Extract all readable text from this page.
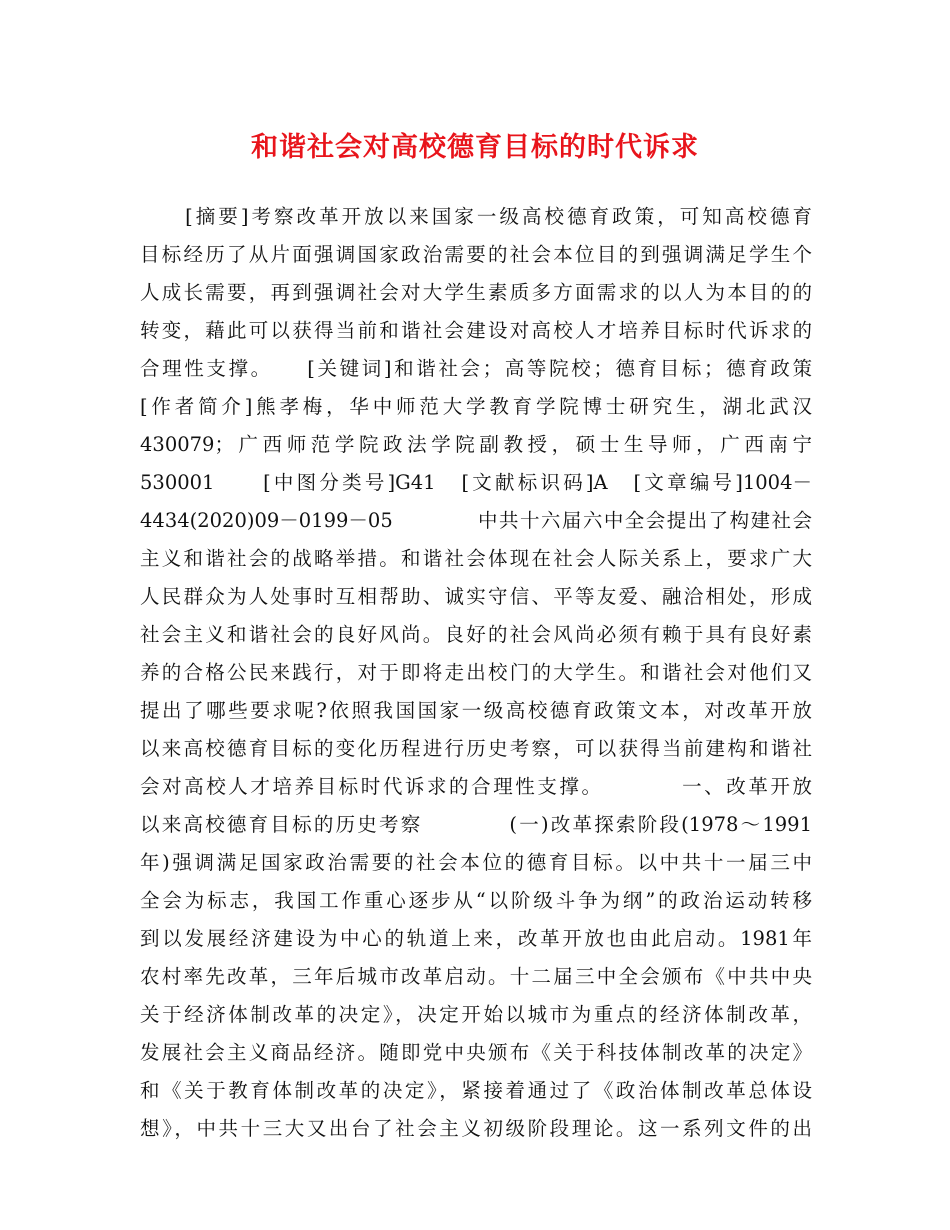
和谐社会对高校德育目标的时代诉求
　　[摘要]考察改革开放以来国家一级高校德育政策，可知高校德育
目标经历了从片面强调国家政治需要的社会本位目的到强调满足学生个
人成长需要，再到强调社会对大学生素质多方面需求的以人为本目的的
转变，藉此可以获得当前和谐社会建设对高校人才培养目标时代诉求的
合理性支撑。　　[关键词]和谐社会；高等院校；德育目标；德育政策
[作者简介]熊孝梅，华中师范大学教育学院博士研究生，湖北武汉
430079；广西师范学院政法学院副教授，硕士生导师，广西南宁
530001　　[中图分类号]G41　[文献标识码]A　[文章编号]1004－
4434(2020)09－0199－05　　　　中共十六届六中全会提出了构建社会
主义和谐社会的战略举措。和谐社会体现在社会人际关系上，要求广大
人民群众为人处事时互相帮助、诚实守信、平等友爱、融洽相处，形成
社会主义和谐社会的良好风尚。良好的社会风尚必须有赖于具有良好素
养的合格公民来践行，对于即将走出校门的大学生。和谐社会对他们又
提出了哪些要求呢?依照我国国家一级高校德育政策文本，对改革开放
以来高校德育目标的变化历程进行历史考察，可以获得当前建构和谐社
会对高校人才培养目标时代诉求的合理性支撑。　　　　一、改革开放
以来高校德育目标的历史考察　　　　(一)改革探索阶段(1978～1991
年)强调满足国家政治需要的社会本位的德育目标。以中共十一届三中
全会为标志，我国工作重心逐步从“以阶级斗争为纲”的政治运动转移
到以发展经济建设为中心的轨道上来，改革开放也由此启动。1981年
农村率先改革，三年后城市改革启动。十二届三中全会颁布《中共中央
关于经济体制改革的决定》，决定开始以城市为重点的经济体制改革，
发展社会主义商品经济。随即党中央颁布《关于科技体制改革的决定》
和《关于教育体制改革的决定》，紧接着通过了《政治体制改革总体设
想》，中共十三大又出台了社会主义初级阶段理论。这一系列文件的出
